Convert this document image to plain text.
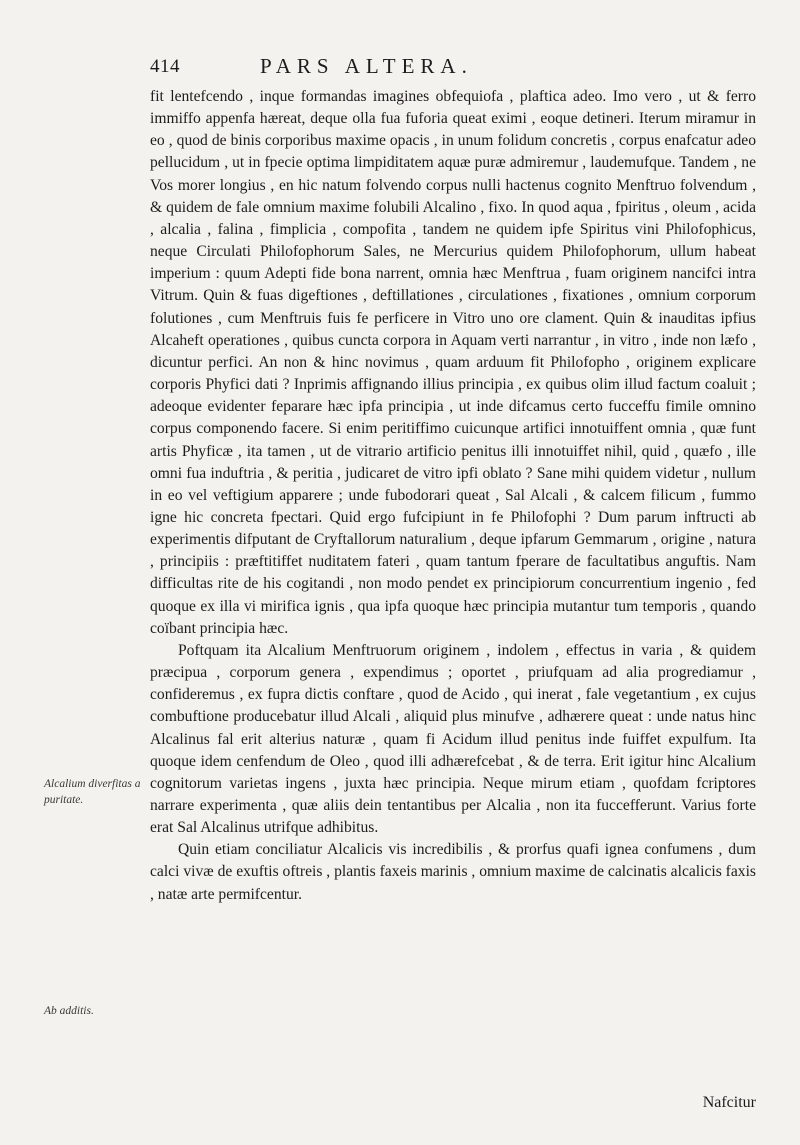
414	PARS ALTERA.

fit lentefcendo , inque formandas imagines obfequiofa , plaftica adeo. Imo vero , ut & ferro immiffo appenfa hæreat, deque olla fua fuforia queat eximi , eoque detineri. Iterum miramur in eo , quod de binis corporibus maxime opacis , in unum folidum concretis , corpus enafcatur adeo pellucidum , ut in fpecie optima limpiditatem aquæ puræ admiremur , laudemufque. Tandem , ne Vos morer longius , en hic natum folvendo corpus nulli hactenus cognito Menftruo folvendum , & quidem de fale omnium maxime folubili Alcalino , fixo. In quod aqua , fpiritus , oleum , acida , alcalia , falina , fimplicia , compofita , tandem ne quidem ipfe Spiritus vini Philofophicus, neque Circulati Philofophorum Sales, ne Mercurius quidem Philofophorum, ullum habeat imperium : quum Adepti fide bona narrent, omnia hæc Menftrua , fuam originem nancifci intra Vitrum. Quin & fuas digeftiones , deftillationes , circulationes , fixationes , omnium corporum folutiones , cum Menftruis fuis fe perficere in Vitro uno ore clament. Quin & inauditas ipfius Alcaheft operationes , quibus cuncta corpora in Aquam verti narrantur , in vitro , inde non læfo , dicuntur perfici. An non & hinc novimus , quam arduum fit Philofopho , originem explicare corporis Phyfici dati ? Inprimis affignando illius principia , ex quibus olim illud factum coaluit ; adeoque evidenter feparare hæc ipfa principia , ut inde difcamus certo fucceffu fimile omnino corpus componendo facere. Si enim peritiffimo cuicunque artifici innotuiffent omnia , quæ funt artis Phyficæ , ita tamen , ut de vitrario artificio penitus illi innotuiffet nihil, quid , quæfo , ille omni fua induftria , & peritia , judicaret de vitro ipfi oblato ? Sane mihi quidem videtur , nullum in eo vel veftigium apparere ; unde fubodorari queat , Sal Alcali , & calcem filicum , fummo igne hic concreta fpectari. Quid ergo fufcipiunt in fe Philofophi ? Dum parum inftructi ab experimentis difputant de Cryftallorum naturalium , deque ipfarum Gemmarum , origine , natura , principiis : præftitiffet nuditatem fateri , quam tantum fperare de facultatibus anguftis. Nam difficultas rite de his cogitandi , non modo pendet ex principiorum concurrentium ingenio , fed quoque ex illa vi mirifica ignis , qua ipfa quoque hæc principia mutantur tum temporis , quando coïbant principia hæc.

Poftquam ita Alcalium Menftruorum originem , indolem , effectus in varia , & quidem præcipua , corporum genera , expendimus ; oportet , priufquam ad alia progrediamur , confideremus , ex fupra dictis conftare , quod de Acido , qui inerat , fale vegetantium , ex cujus combuftione producebatur illud Alcali , aliquid plus minufve , adhærere queat : unde natus hinc Alcalinus fal erit alterius naturæ , quam fi Acidum illud penitus inde fuiffet expulfum. Ita quoque idem cenfendum de Oleo , quod illi adhærefcebat , & de terra. Erit igitur hinc Alcalium cognitorum varietas ingens , juxta hæc principia. Neque mirum etiam , quofdam fcriptores narrare experimenta , quæ aliis dein tentantibus per Alcalia , non ita fuccefferunt. Varius forte erat Sal Alcalinus utrifque adhibitus.

Quin etiam conciliatur Alcalicis vis incredibilis , & prorfus quafi ignea confumens , dum calci vivæ de exuftis oftreis , plantis faxeis marinis , omnium maxime de calcinatis alcalicis faxis , natæ arte permifcentur.

Alcalium diverfitas a puritate.
Ab additis.
Nafcitur
